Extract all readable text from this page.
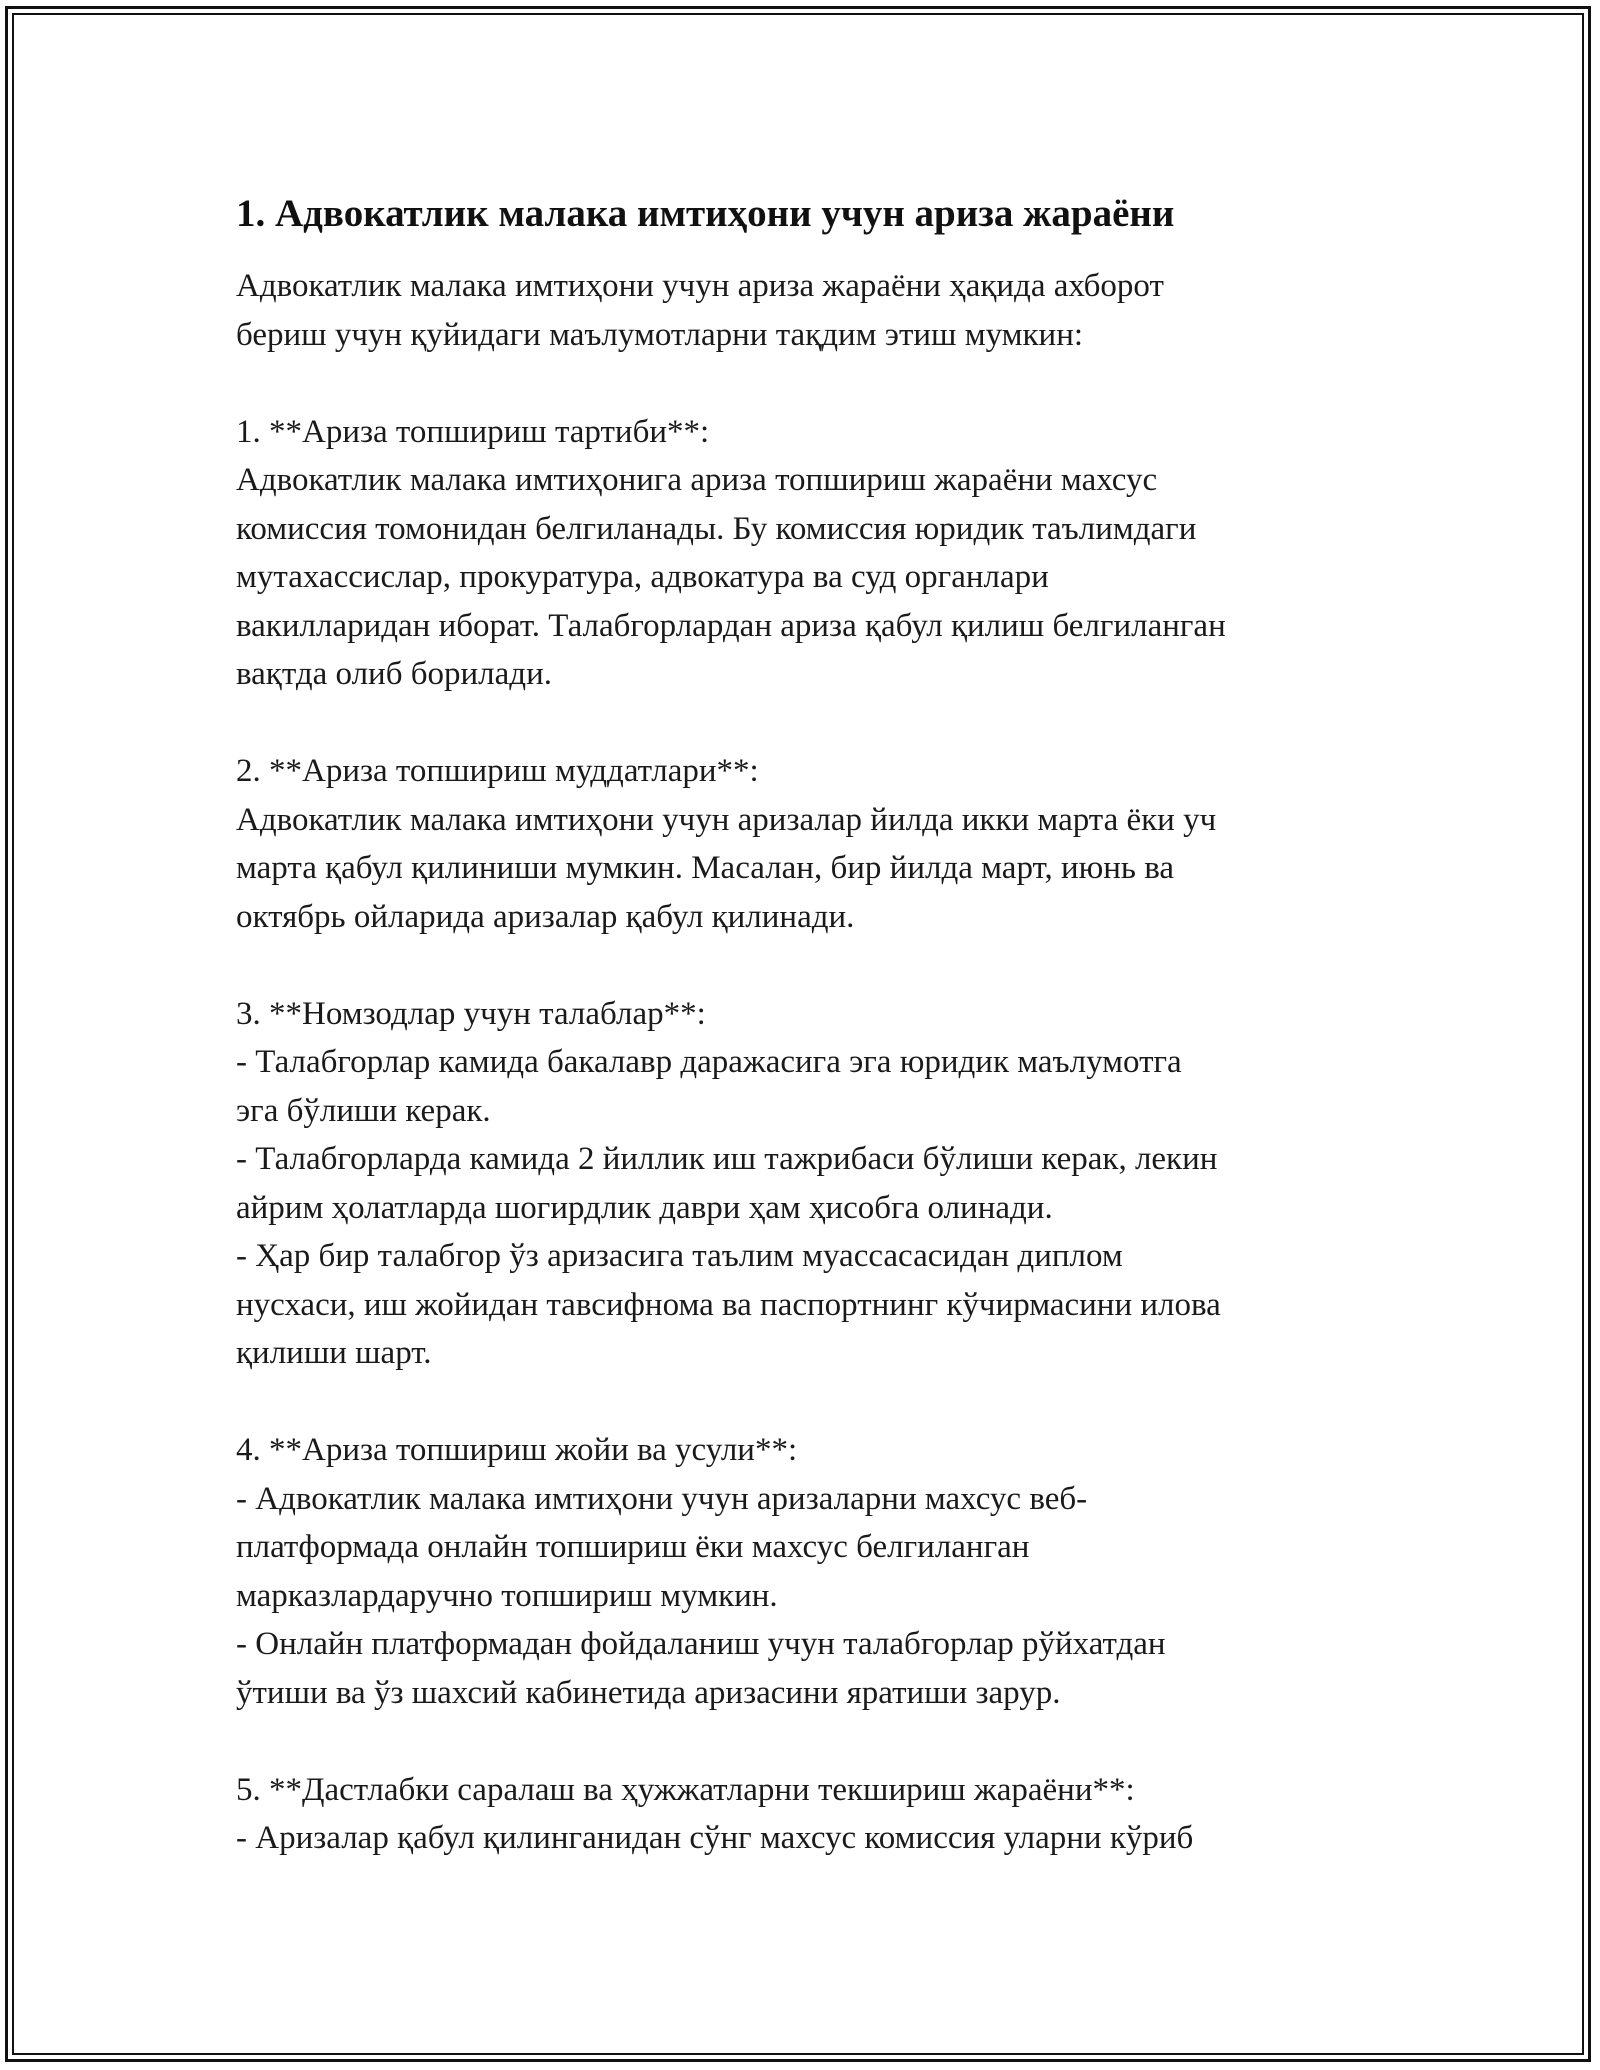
1. Адвокатлик малака имтиҳони учун ариза жараёни

Адвокатлик малака имтиҳони учун ариза жараёни ҳақида ахборот
бериш учун қуйидаги маълумотларни тақдим этиш мумкин:

1. **Ариза топшириш тартиби**:

Адвокатлик малака имтиҳонига ариза топшириш жараёни махсус
комиссия томонидан белгиланады. Бу комиссия юридик таълимдаги
мутахассислар, прокуратура, адвокатура ва суд органлари
вакилларидан иборат. Талабгорлардан ариза қабул қилиш белгиланган
вақтда олиб борилади.

2. **Ариза топшириш муддатлари**:

Адвокатлик малака имтиҳони учун аризалар йилда икки марта ёки уч
марта қабул қилиниши мумкин. Масалан, бир йилда март, июнь ва
октябрь ойларида аризалар қабул қилинади.

3. **Номзодлар учун талаблар**:

- Талабгорлар камида бакалавр даражасига эга юридик маълумотга
эга бўлиши керак.
- Талабгорларда камида 2 йиллик иш тажрибаси бўлиши керак, лекин
айрим ҳолатларда шогирдлик даври ҳам ҳисобга олинади.
- Ҳар бир талабгор ўз аризасига таълим муассасасидан диплом
нусхаси, иш жойидан тавсифнома ва паспортнинг кўчирмасини илова
қилиши шарт.

4. **Ариза топшириш жойи ва усули**:

- Адвокатлик малака имтиҳони учун аризаларни махсус веб-
платформада онлайн топшириш ёки махсус белгиланган
марказлардаручно топшириш мумкин.
- Онлайн платформадан фойдаланиш учун талабгорлар рўйхатдан
ўтиши ва ўз шахсий кабинетида аризасини яратиши зарур.

5. **Дастлабки саралаш ва ҳужжатларни текшириш жараёни**:

- Аризалар қабул қилинганидан сўнг махсус комиссия уларни кўриб
